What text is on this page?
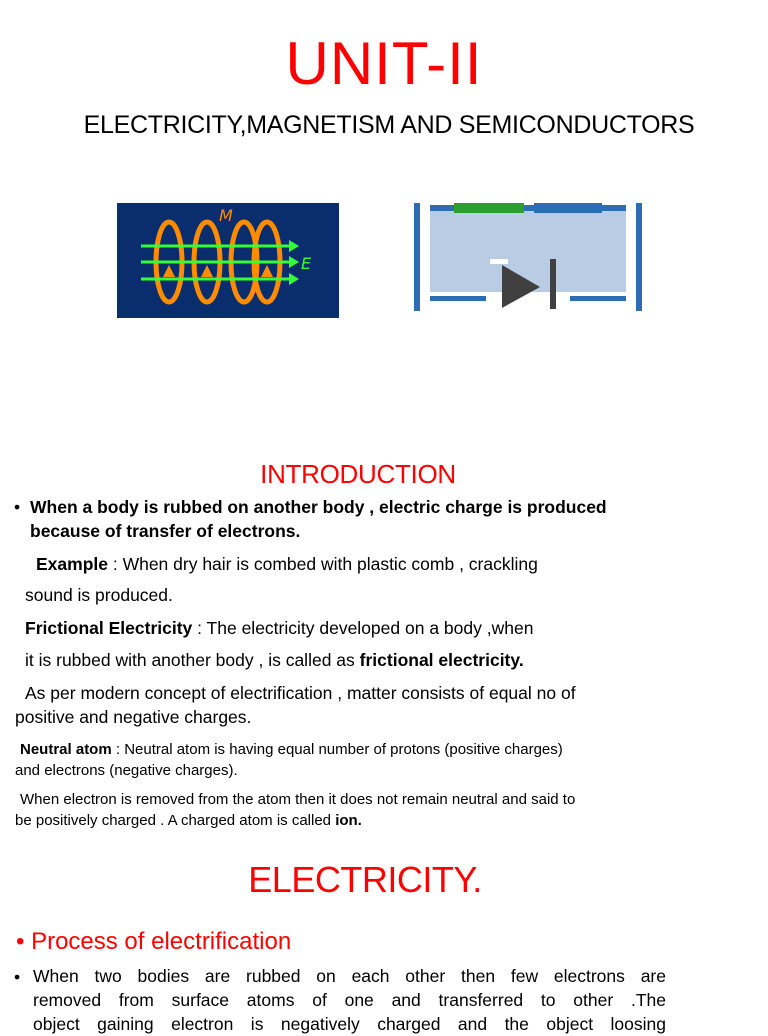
UNIT-II
ELECTRICITY,MAGNETISM AND SEMICONDUCTORS
M
E
INTRODUCTION
• When a body is rubbed on another body , electric charge is produced
because of transfer of electrons.
Example : When dry hair is combed with plastic comb , crackling
sound is produced.
Frictional Electricity : The electricity developed on a body ,when
it is rubbed with another body , is called as frictional electricity.
As per modern concept of electrification , matter consists of equal no of
positive and negative charges.
Neutral atom : Neutral atom is having equal number of protons (positive charges)
and electrons (negative charges).
When electron is removed from the atom then it does not remain neutral and said to
be positively charged . A charged atom is called ion.
ELECTRICITY.
• Process of electrification
• When two bodies are rubbed on each other then few electrons are
removed from surface atoms of one and transferred to other .The
object gaining electron is negatively charged and the object loosing
